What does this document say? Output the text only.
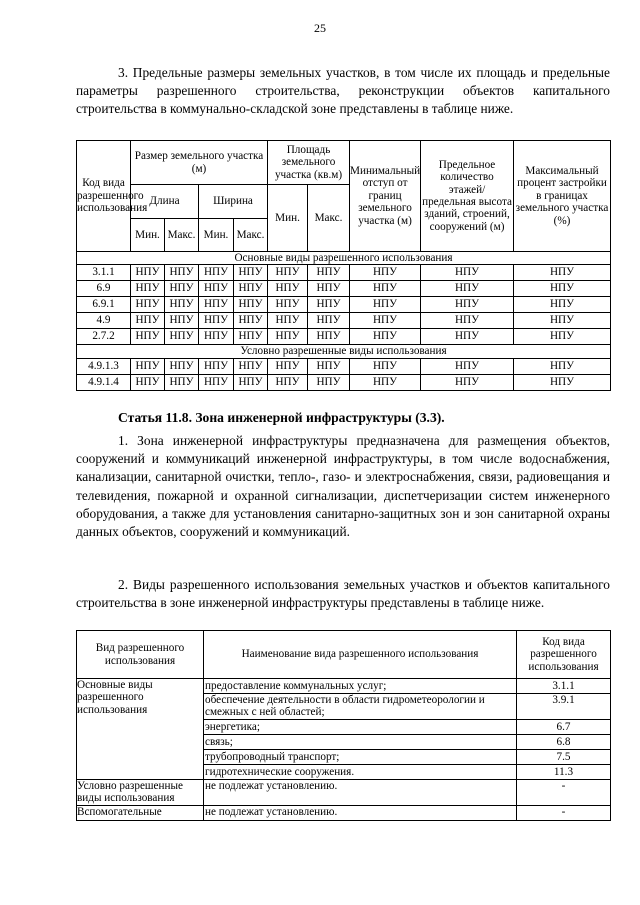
25

3. Предельные размеры земельных участков, в том числе их площадь и предельные параметры разрешенного строительства, реконструкции объектов капитального строительства в коммунально-складской зоне представлены в таблице ниже.

Код вида разрешенного использования	Размер земельного участка (м)				Площадь земельного участка (кв.м)		Минимальный отступ от границ земельного участка (м)	Предельное количество этажей/ предельная высота зданий, строений, сооружений (м)	Максимальный процент застройки в границах земельного участка (%)
	Длина		Ширина		Мин.	Макс.			
	Мин.	Макс.	Мин.	Макс.					
Основные виды разрешенного использования									
3.1.1	НПУ	НПУ	НПУ	НПУ	НПУ	НПУ	НПУ	НПУ	НПУ
6.9	НПУ	НПУ	НПУ	НПУ	НПУ	НПУ	НПУ	НПУ	НПУ
6.9.1	НПУ	НПУ	НПУ	НПУ	НПУ	НПУ	НПУ	НПУ	НПУ
4.9	НПУ	НПУ	НПУ	НПУ	НПУ	НПУ	НПУ	НПУ	НПУ
2.7.2	НПУ	НПУ	НПУ	НПУ	НПУ	НПУ	НПУ	НПУ	НПУ
Условно разрешенные виды использования									
4.9.1.3	НПУ	НПУ	НПУ	НПУ	НПУ	НПУ	НПУ	НПУ	НПУ
4.9.1.4	НПУ	НПУ	НПУ	НПУ	НПУ	НПУ	НПУ	НПУ	НПУ
Статья 11.8. Зона инженерной инфраструктуры (3.3).

1. Зона инженерной инфраструктуры предназначена для размещения объектов, сооружений и коммуникаций инженерной инфраструктуры, в том числе водоснабжения, канализации, санитарной очистки, тепло-, газо- и электроснабжения, связи, радиовещания и телевидения, пожарной и охранной сигнализации, диспетчеризации систем инженерного оборудования, а также для установления санитарно-защитных зон и зон санитарной охраны данных объектов, сооружений и коммуникаций.

2. Виды разрешенного использования земельных участков и объектов капитального строительства в зоне инженерной инфраструктуры представлены в таблице ниже.

Вид разрешенного использования	Наименование вида разрешенного использования	Код вида разрешенного использования
Основные виды разрешенного использования	предоставление коммунальных услуг;	3.1.1
	обеспечение деятельности в области гидрометеорологии и смежных с ней областей;	3.9.1
	энергетика;	6.7
	связь;	6.8
	трубопроводный транспорт;	7.5
	гидротехнические сооружения.	11.3
Условно разрешенные виды использования	не подлежат установлению.	-
Вспомогательные	не подлежат установлению.	-
